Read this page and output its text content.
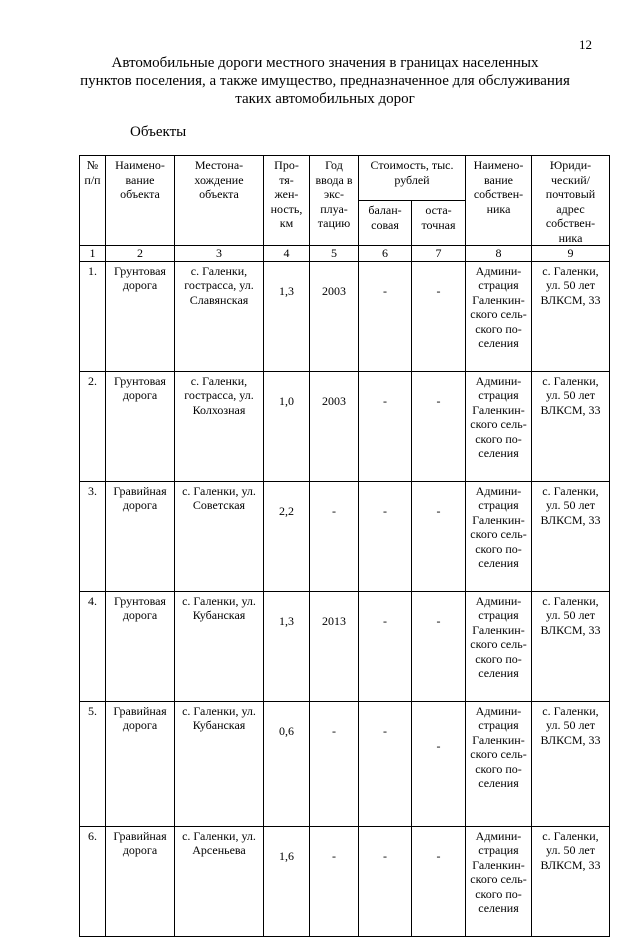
12
Автомобильные дороги местного значения в границах населенных
пунктов поселения, а также имущество, предназначенное для обслуживания
таких автомобильных дорог
Объекты
№ п/п	Наимено- вание объекта	Местона- хождение объекта	Про- тя- жен- ность, км	Год ввода в экс- плуа- тацию	Стоимость, тыс. рублей		Наимено- вание собствен- ника	Юриди- ческий/ почтовый адрес собствен- ника
					балан- совая	оста- точная		
1	2	3	4	5	6	7	8	9
1.	Грунтовая дорога	с. Галенки, гострасса, ул. Славянская	1,3	2003	-	-	Админи- страция Галенкин- ского сель- ского по- селения	с. Галенки, ул. 50 лет ВЛКСМ, 33
2.	Грунтовая дорога	с. Галенки, гострасса, ул. Колхозная	1,0	2003	-	-	Админи- страция Галенкин- ского сель- ского по- селения	с. Галенки, ул. 50 лет ВЛКСМ, 33
3.	Гравийная дорога	с. Галенки, ул. Советская	2,2	-	-	-	Админи- страция Галенкин- ского сель- ского по- селения	с. Галенки, ул. 50 лет ВЛКСМ, 33
4.	Грунтовая дорога	с. Галенки, ул. Кубанская	1,3	2013	-	-	Админи- страция Галенкин- ского сель- ского по- селения	с. Галенки, ул. 50 лет ВЛКСМ, 33
5.	Гравийная дорога	с. Галенки, ул. Кубанская	0,6	-	-	-	Админи- страция Галенкин- ского сель- ского по- селения	с. Галенки, ул. 50 лет ВЛКСМ, 33
6.	Гравийная дорога	с. Галенки, ул. Арсеньева	1,6	-	-	-	Админи- страция Галенкин- ского сель- ского по- селения	с. Галенки, ул. 50 лет ВЛКСМ, 33
